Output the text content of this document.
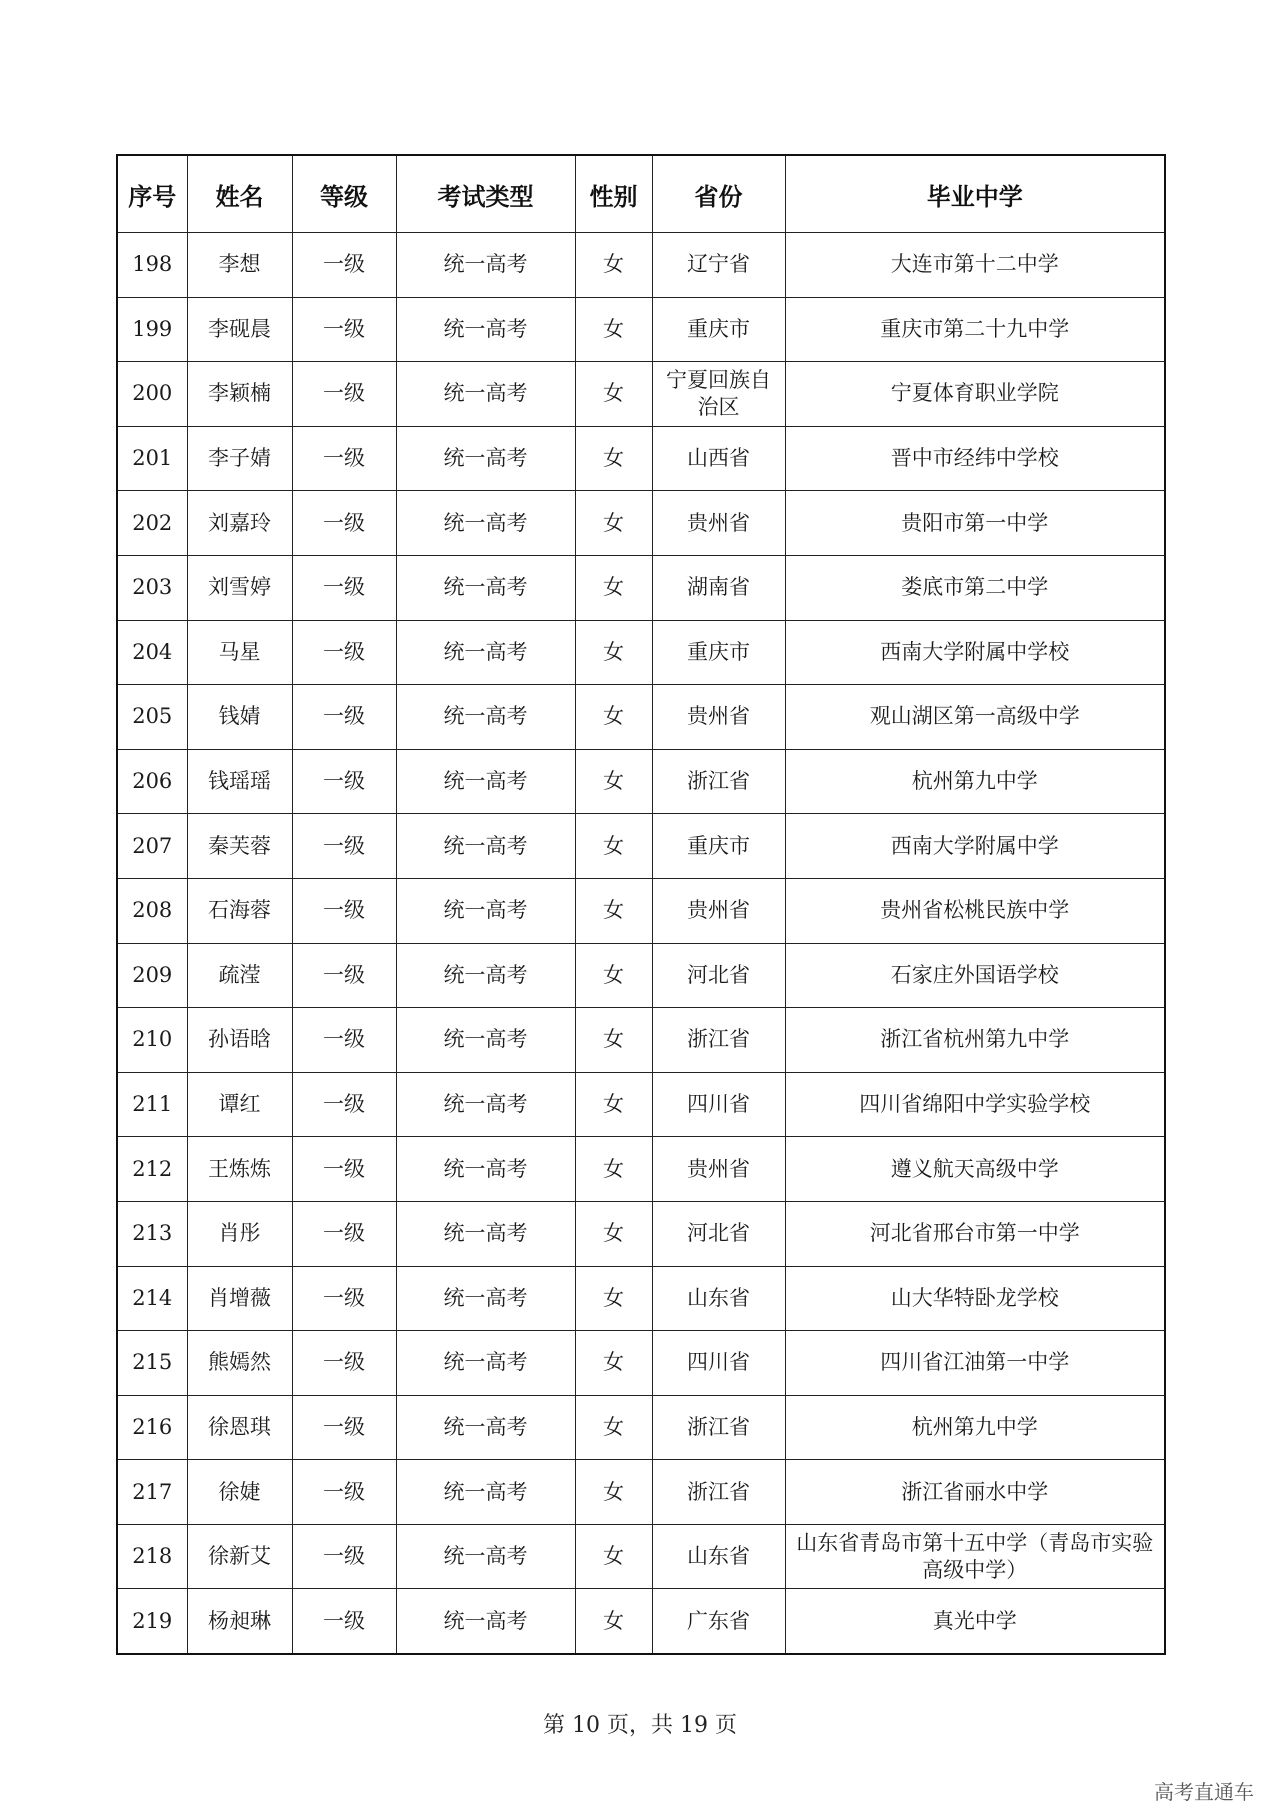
序号	姓名	等级	考试类型	性别	省份	毕业中学
198	李想	一级	统一高考	女	辽宁省	大连市第十二中学
199	李砚晨	一级	统一高考	女	重庆市	重庆市第二十九中学
200	李颖楠	一级	统一高考	女	宁夏回族自治区	宁夏体育职业学院
201	李子婧	一级	统一高考	女	山西省	晋中市经纬中学校
202	刘嘉玲	一级	统一高考	女	贵州省	贵阳市第一中学
203	刘雪婷	一级	统一高考	女	湖南省	娄底市第二中学
204	马星	一级	统一高考	女	重庆市	西南大学附属中学校
205	钱婧	一级	统一高考	女	贵州省	观山湖区第一高级中学
206	钱瑶瑶	一级	统一高考	女	浙江省	杭州第九中学
207	秦芙蓉	一级	统一高考	女	重庆市	西南大学附属中学
208	石海蓉	一级	统一高考	女	贵州省	贵州省松桃民族中学
209	疏滢	一级	统一高考	女	河北省	石家庄外国语学校
210	孙语晗	一级	统一高考	女	浙江省	浙江省杭州第九中学
211	谭红	一级	统一高考	女	四川省	四川省绵阳中学实验学校
212	王炼炼	一级	统一高考	女	贵州省	遵义航天高级中学
213	肖彤	一级	统一高考	女	河北省	河北省邢台市第一中学
214	肖增薇	一级	统一高考	女	山东省	山大华特卧龙学校
215	熊嫣然	一级	统一高考	女	四川省	四川省江油第一中学
216	徐恩琪	一级	统一高考	女	浙江省	杭州第九中学
217	徐婕	一级	统一高考	女	浙江省	浙江省丽水中学
218	徐新艾	一级	统一高考	女	山东省	山东省青岛市第十五中学（青岛市实验高级中学）
219	杨昶琳	一级	统一高考	女	广东省	真光中学
第 10 页，共 19 页
高考直通车
